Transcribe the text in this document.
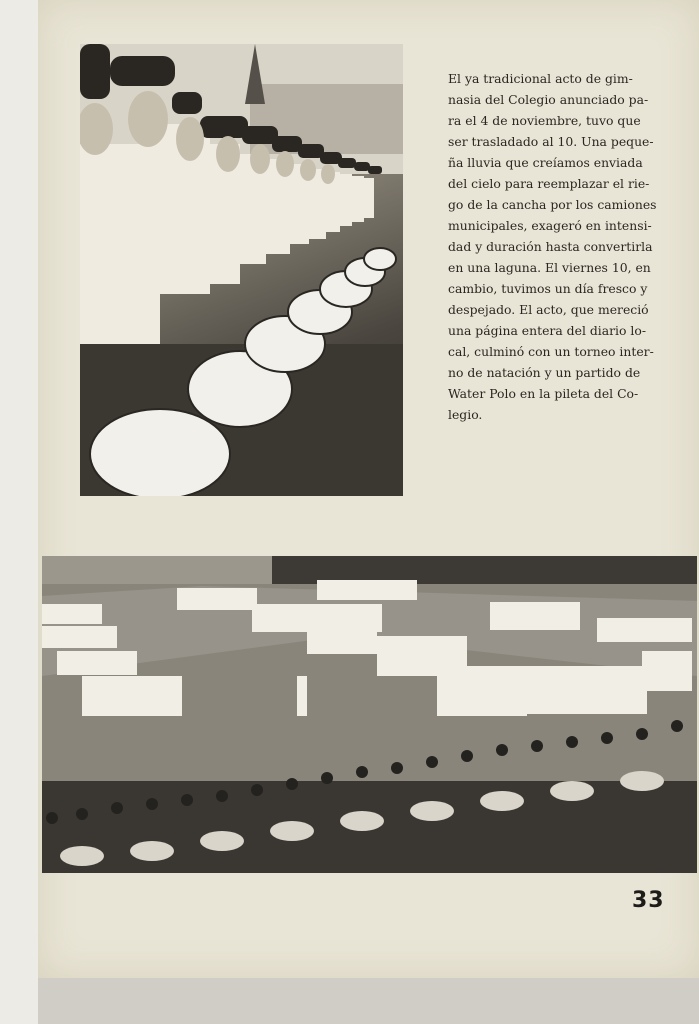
El ya tradicional acto de gim-
nasia del Colegio anunciado pa-
ra el 4 de noviembre, tuvo que
ser trasladado al 10. Una peque-
ña lluvia que creíamos enviada
del cielo para reemplazar el rie-
go de la cancha por los camiones
municipales, exageró en intensi-
dad y duración hasta convertirla
en una laguna. El viernes 10, en
cambio, tuvimos un día fresco y
despejado. El acto, que mereció
una página entera del diario lo-
cal, culminó con un torneo inter-
no de natación y un partido de
Water Polo en la pileta del Co-
legio.

33
